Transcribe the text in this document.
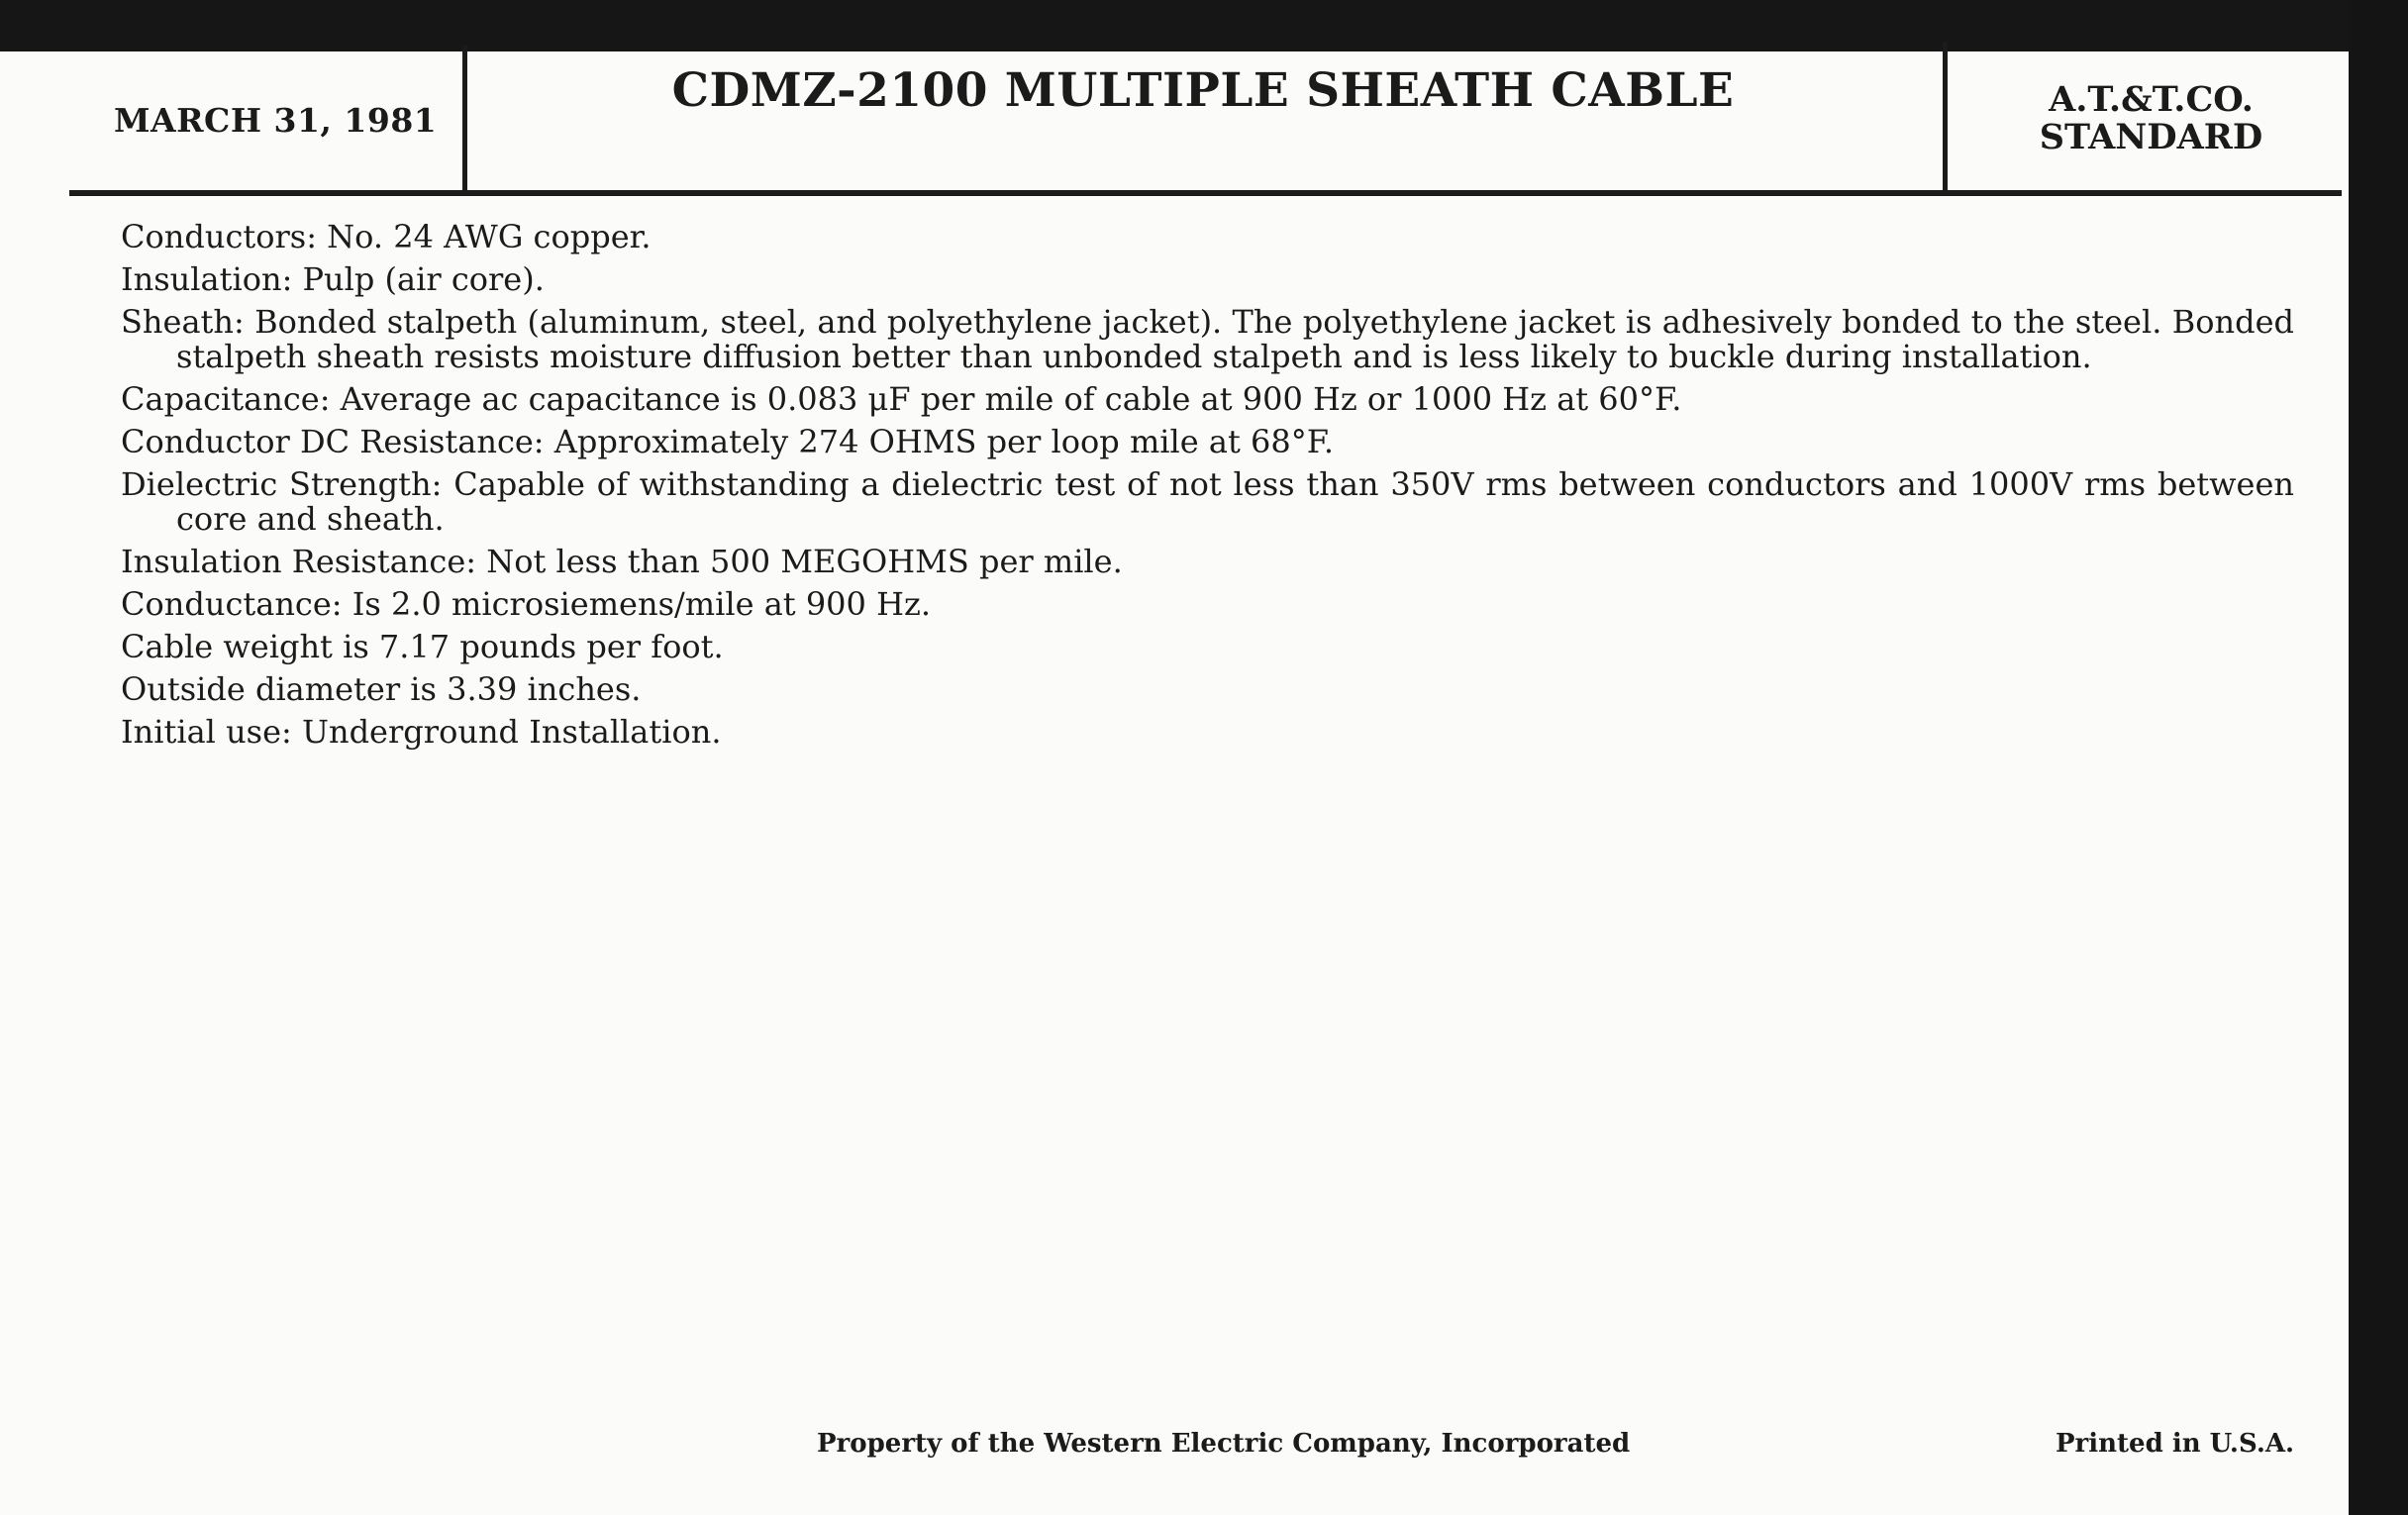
MARCH 31, 1981
CDMZ-2100 MULTIPLE SHEATH CABLE	A.T.&T.CO.
STANDARD
Conductors: No. 24 AWG copper.
Insulation: Pulp (air core).
Sheath: Bonded stalpeth (aluminum, steel, and polyethylene jacket). The polyethylene jacket is adhesively bonded to the steel. Bonded stalpeth sheath resists moisture diffusion better than unbonded stalpeth and is less likely to buckle during installation.
Capacitance: Average ac capacitance is 0.083 μF per mile of cable at 900 Hz or 1000 Hz at 60°F.
Conductor DC Resistance: Approximately 274 OHMS per loop mile at 68°F.
Dielectric Strength: Capable of withstanding a dielectric test of not less than 350V rms between conductors and 1000V rms between core and sheath.
Insulation Resistance: Not less than 500 MEGOHMS per mile.
Conductance: Is 2.0 microsiemens/mile at 900 Hz.
Cable weight is 7.17 pounds per foot.
Outside diameter is 3.39 inches.
Initial use: Underground Installation.
Property of the Western Electric Company, Incorporated	Printed in U.S.A.
